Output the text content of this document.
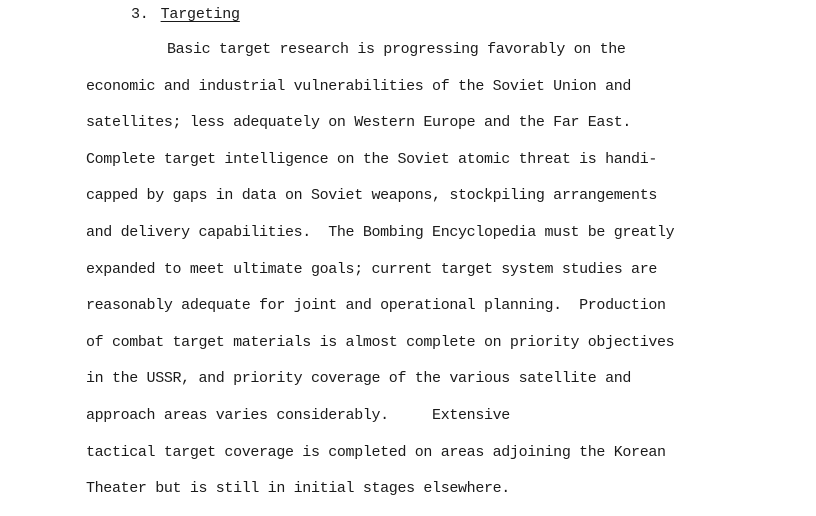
3. Targeting
Basic target research is progressing favorably on the
economic and industrial vulnerabilities of the Soviet Union and
satellites; less adequately on Western Europe and the Far East.
Complete target intelligence on the Soviet atomic threat is handi-
capped by gaps in data on Soviet weapons, stockpiling arrangements
and delivery capabilities.  The Bombing Encyclopedia must be greatly
expanded to meet ultimate goals; current target system studies are
reasonably adequate for joint and operational planning.  Production
of combat target materials is almost complete on priority objectives
in the USSR, and priority coverage of the various satellite and
approach areas varies considerably.     Extensive
tactical target coverage is completed on areas adjoining the Korean
Theater but is still in initial stages elsewhere.
